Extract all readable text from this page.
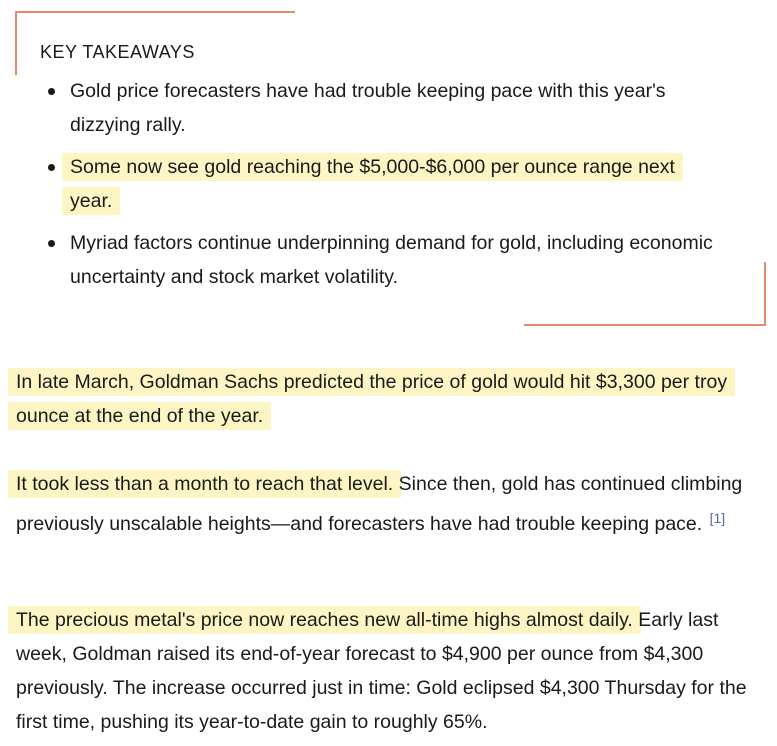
KEY TAKEAWAYS
Gold price forecasters have had trouble keeping pace with this year's dizzying rally.
Some now see gold reaching the $5,000-$6,000 per ounce range next year.
Myriad factors continue underpinning demand for gold, including economic uncertainty and stock market volatility.

In late March, Goldman Sachs predicted the price of gold would hit $3,300 per troy ounce at the end of the year.

It took less than a month to reach that level. Since then, gold has continued climbing previously unscalable heights—and forecasters have had trouble keeping pace. [1]

The precious metal's price now reaches new all-time highs almost daily. Early last week, Goldman raised its end-of-year forecast to $4,900 per ounce from $4,300 previously. The increase occurred just in time: Gold eclipsed $4,300 Thursday for the first time, pushing its year-to-date gain to roughly 65%.
